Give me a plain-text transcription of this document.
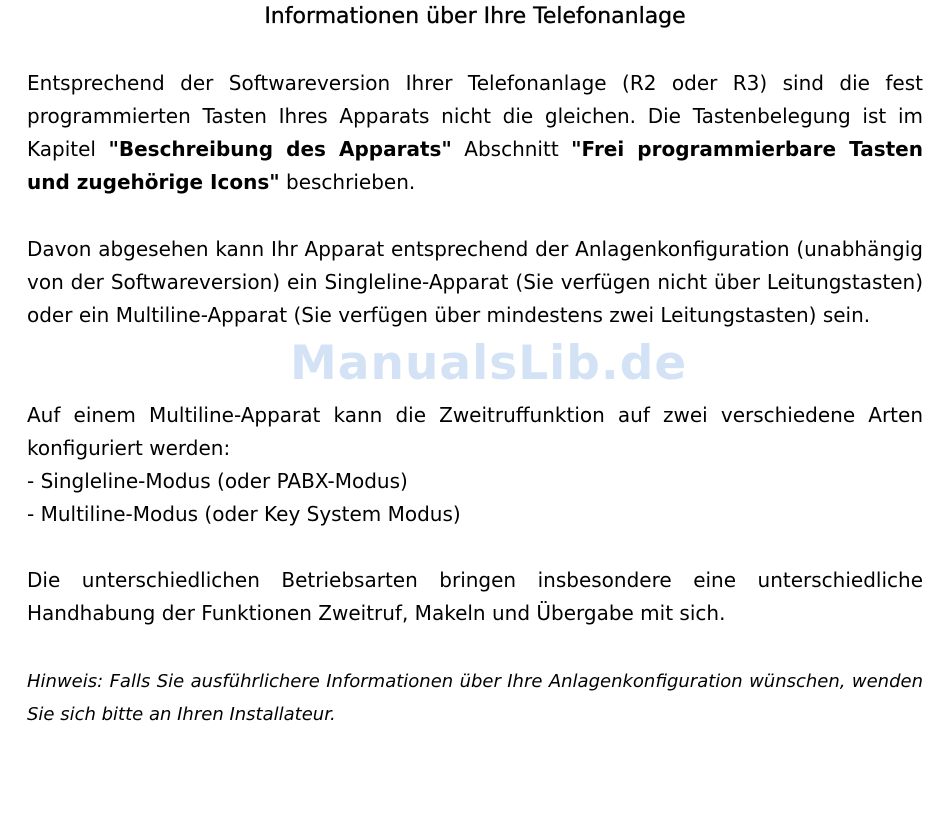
Informationen über Ihre Telefonanlage

Entsprechend der Softwareversion Ihrer Telefonanlage (R2 oder R3) sind die fest programmierten Tasten Ihres Apparats nicht die gleichen. Die Tastenbelegung ist im Kapitel "Beschreibung des Apparats" Abschnitt "Frei programmierbare Tasten und zugehörige Icons" beschrieben.

Davon abgesehen kann Ihr Apparat entsprechend der Anlagenkonfiguration (unabhängig von der Softwareversion) ein Singleline-Apparat (Sie verfügen nicht über Leitungstasten) oder ein Multiline-Apparat (Sie verfügen über mindestens zwei Leitungstasten) sein.

Auf einem Multiline-Apparat kann die Zweitruffunktion auf zwei verschiedene Arten konfiguriert werden:
- Singleline-Modus (oder PABX-Modus)
- Multiline-Modus (oder Key System Modus)

Die unterschiedlichen Betriebsarten bringen insbesondere eine unterschiedliche Handhabung der Funktionen Zweitruf, Makeln und Übergabe mit sich.

Hinweis: Falls Sie ausführlichere Informationen über Ihre Anlagenkonfiguration wünschen, wenden Sie sich bitte an Ihren Installateur.

ManualsLib.de
